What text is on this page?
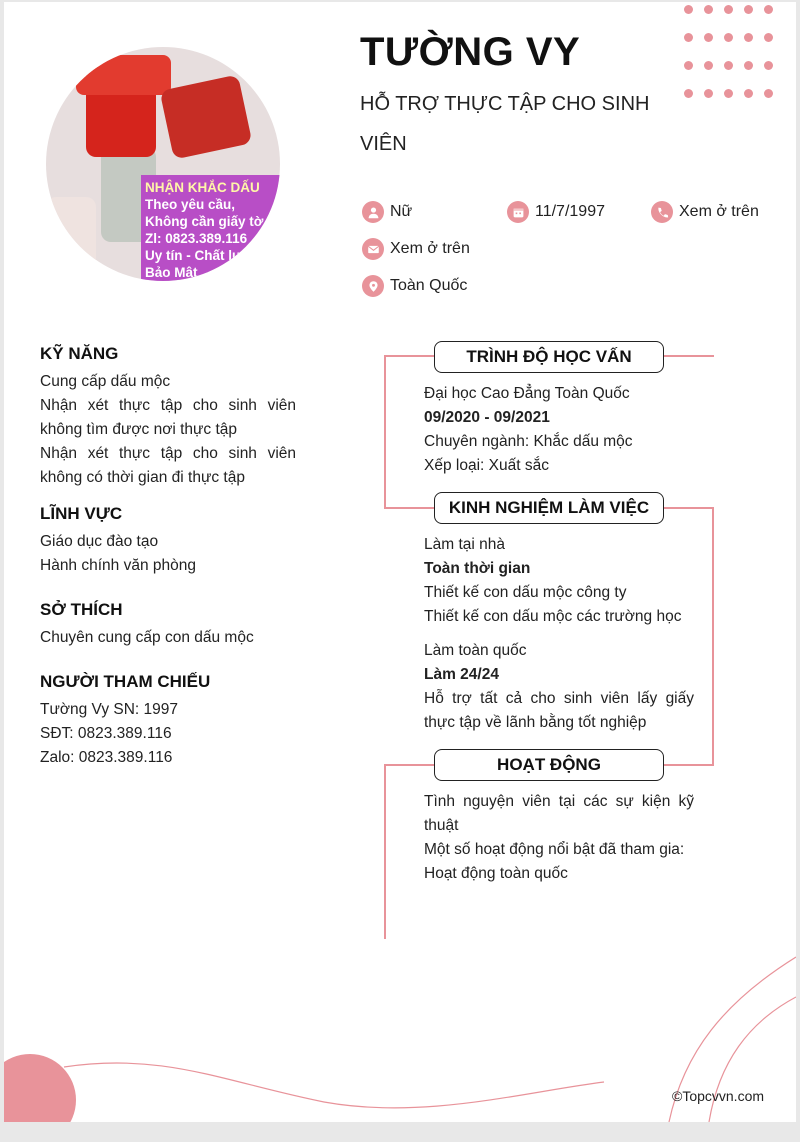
NHẬN KHẮC DẤU
Theo yêu cầu,
Không cần giấy tờ
Zl: 0823.389.116
Uy tín - Chất lượng
Bảo Mật
TƯỜNG VY
HỖ TRỢ THỰC TẬP CHO SINH VIÊN
Nữ	11/7/1997	Xem ở trên
Xem ở trên
Toàn Quốc
KỸ NĂNG
Cung cấp dấu mộc
Nhận xét thực tập cho sinh viên không tìm được nơi thực tập
Nhận xét thực tập cho sinh viên không có thời gian đi thực tập
LĨNH VỰC
Giáo dục đào tạo
Hành chính văn phòng
SỞ THÍCH
Chuyên cung cấp con dấu mộc
NGƯỜI THAM CHIẾU
Tường Vy SN: 1997
SĐT: 0823.389.116
Zalo: 0823.389.116
TRÌNH ĐỘ HỌC VẤN
Đại học Cao Đẳng Toàn Quốc
09/2020 - 09/2021
Chuyên ngành: Khắc dấu mộc
Xếp loại: Xuất sắc
KINH NGHIỆM LÀM VIỆC
Làm tại nhà
Toàn thời gian
Thiết kế con dấu mộc công ty
Thiết kế con dấu mộc các trường học
Làm toàn quốc
Làm 24/24
Hỗ trợ tất cả cho sinh viên lấy giấy thực tập về lãnh bằng tốt nghiệp
HOẠT ĐỘNG
Tình nguyện viên tại các sự kiện kỹ thuật
Một số hoạt động nổi bật đã tham gia:
Hoạt động toàn quốc
©Topcvvn.com
